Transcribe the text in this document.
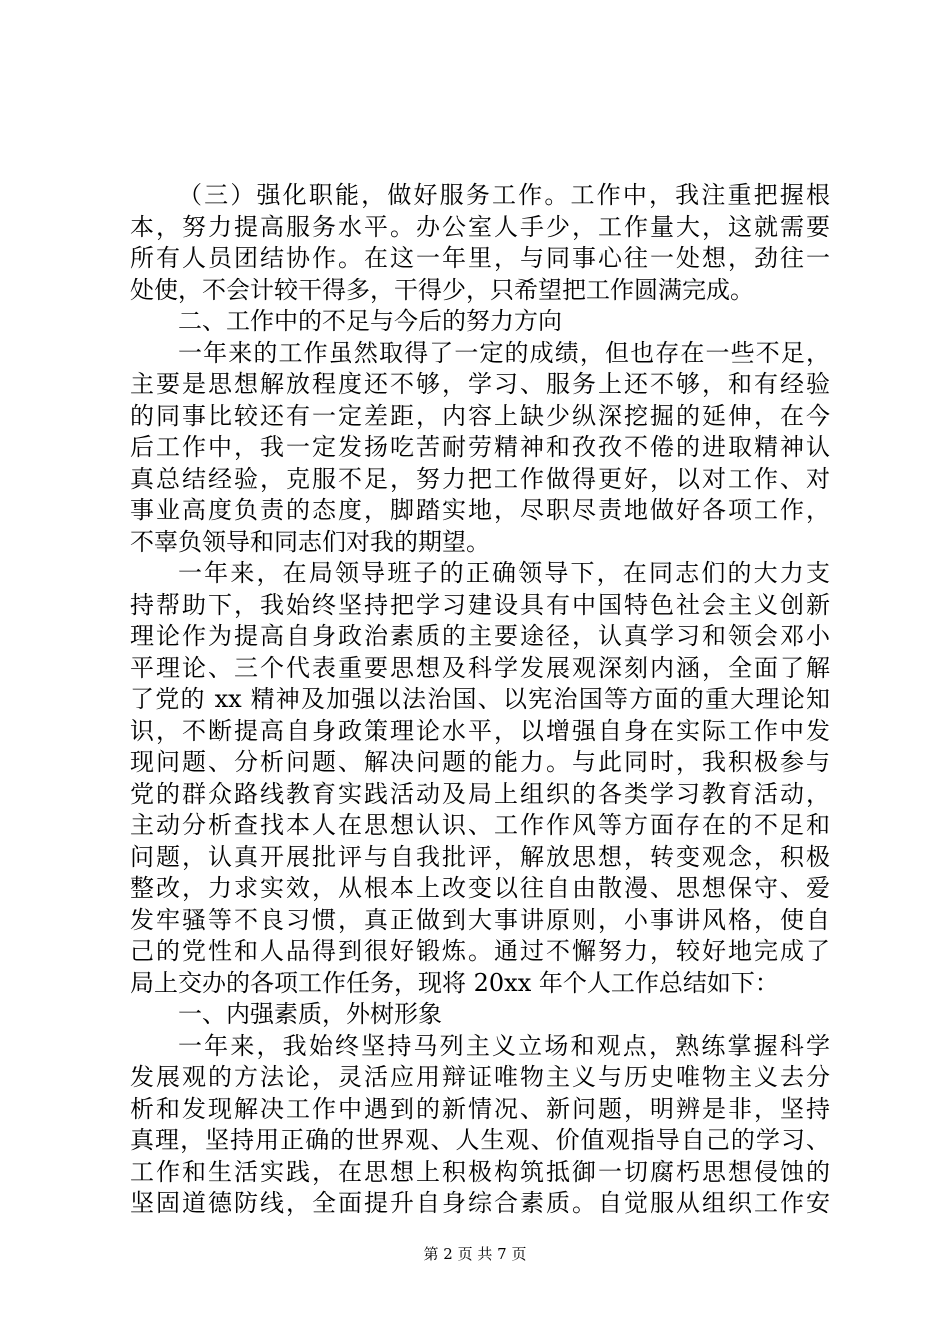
（三）强化职能，做好服务工作。工作中，我注重把握根
本，努力提高服务水平。办公室人手少，工作量大，这就需要
所有人员团结协作。在这一年里，与同事心往一处想，劲往一
处使，不会计较干得多，干得少，只希望把工作圆满完成。
二、工作中的不足与今后的努力方向
一年来的工作虽然取得了一定的成绩，但也存在一些不足，
主要是思想解放程度还不够，学习、服务上还不够，和有经验
的同事比较还有一定差距，内容上缺少纵深挖掘的延伸，在今
后工作中，我一定发扬吃苦耐劳精神和孜孜不倦的进取精神认
真总结经验，克服不足，努力把工作做得更好，以对工作、对
事业高度负责的态度，脚踏实地，尽职尽责地做好各项工作，
不辜负领导和同志们对我的期望。
一年来，在局领导班子的正确领导下，在同志们的大力支
持帮助下，我始终坚持把学习建设具有中国特色社会主义创新
理论作为提高自身政治素质的主要途径，认真学习和领会邓小
平理论、三个代表重要思想及科学发展观深刻内涵，全面了解
了党的 xx 精神及加强以法治国、以宪治国等方面的重大理论知
识，不断提高自身政策理论水平，以增强自身在实际工作中发
现问题、分析问题、解决问题的能力。与此同时，我积极参与
党的群众路线教育实践活动及局上组织的各类学习教育活动，
主动分析查找本人在思想认识、工作作风等方面存在的不足和
问题，认真开展批评与自我批评，解放思想，转变观念，积极
整改，力求实效，从根本上改变以往自由散漫、思想保守、爱
发牢骚等不良习惯，真正做到大事讲原则，小事讲风格，使自
己的党性和人品得到很好锻炼。通过不懈努力，较好地完成了
局上交办的各项工作任务，现将 20xx 年个人工作总结如下：
一、内强素质，外树形象
一年来，我始终坚持马列主义立场和观点，熟练掌握科学
发展观的方法论，灵活应用辩证唯物主义与历史唯物主义去分
析和发现解决工作中遇到的新情况、新问题，明辨是非，坚持
真理，坚持用正确的世界观、人生观、价值观指导自己的学习、
工作和生活实践，在思想上积极构筑抵御一切腐朽思想侵蚀的
坚固道德防线，全面提升自身综合素质。自觉服从组织工作安
第 2 页 共 7 页
